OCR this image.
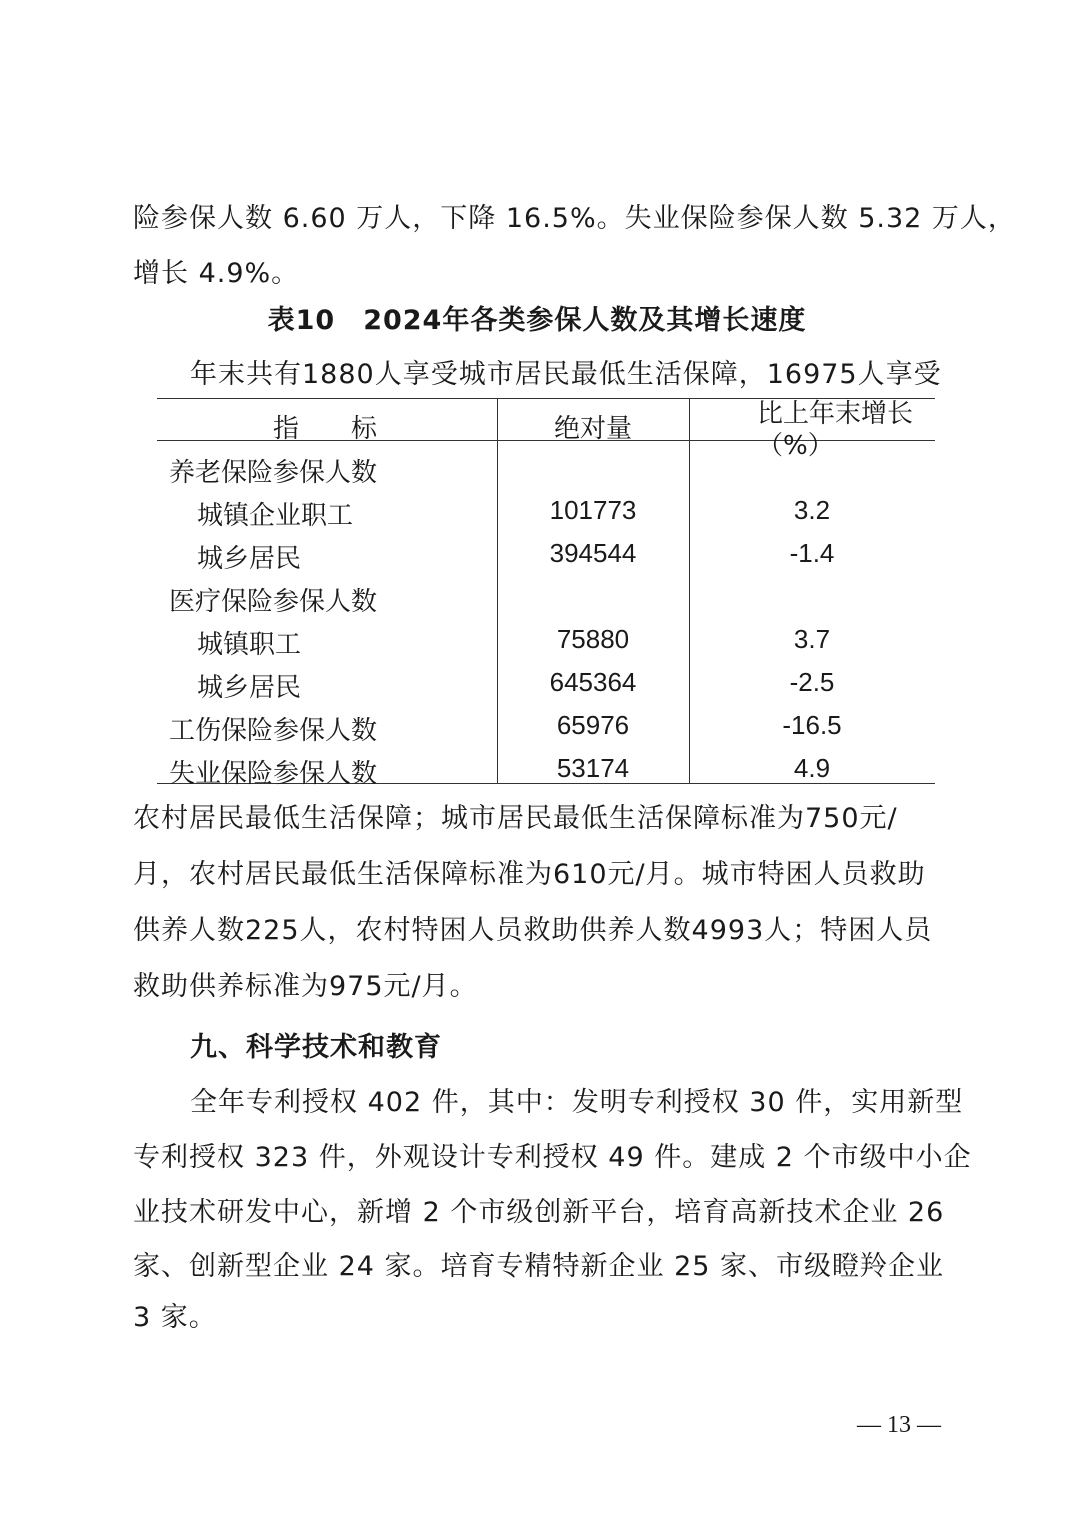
险参保人数 6.60 万人，下降 16.5%。失业保险参保人数 5.32 万人，
增长 4.9%。
表10　2024年各类参保人数及其增长速度
年末共有1880人享受城市居民最低生活保障，16975人享受
指　　标	绝对量	比上年末增长（%）
养老保险参保人数
城镇企业职工	101773	3.2
城乡居民	394544	-1.4
医疗保险参保人数
城镇职工	75880	3.7
城乡居民	645364	-2.5
工伤保险参保人数	65976	-16.5
失业保险参保人数	53174	4.9
农村居民最低生活保障；城市居民最低生活保障标准为750元/
月，农村居民最低生活保障标准为610元/月。城市特困人员救助
供养人数225人，农村特困人员救助供养人数4993人；特困人员
救助供养标准为975元/月。
九、科学技术和教育
全年专利授权 402 件，其中：发明专利授权 30 件，实用新型
专利授权 323 件，外观设计专利授权 49 件。建成 2 个市级中小企
业技术研发中心，新增 2 个市级创新平台，培育高新技术企业 26
家、创新型企业 24 家。培育专精特新企业 25 家、市级瞪羚企业
3 家。
— 13 —
